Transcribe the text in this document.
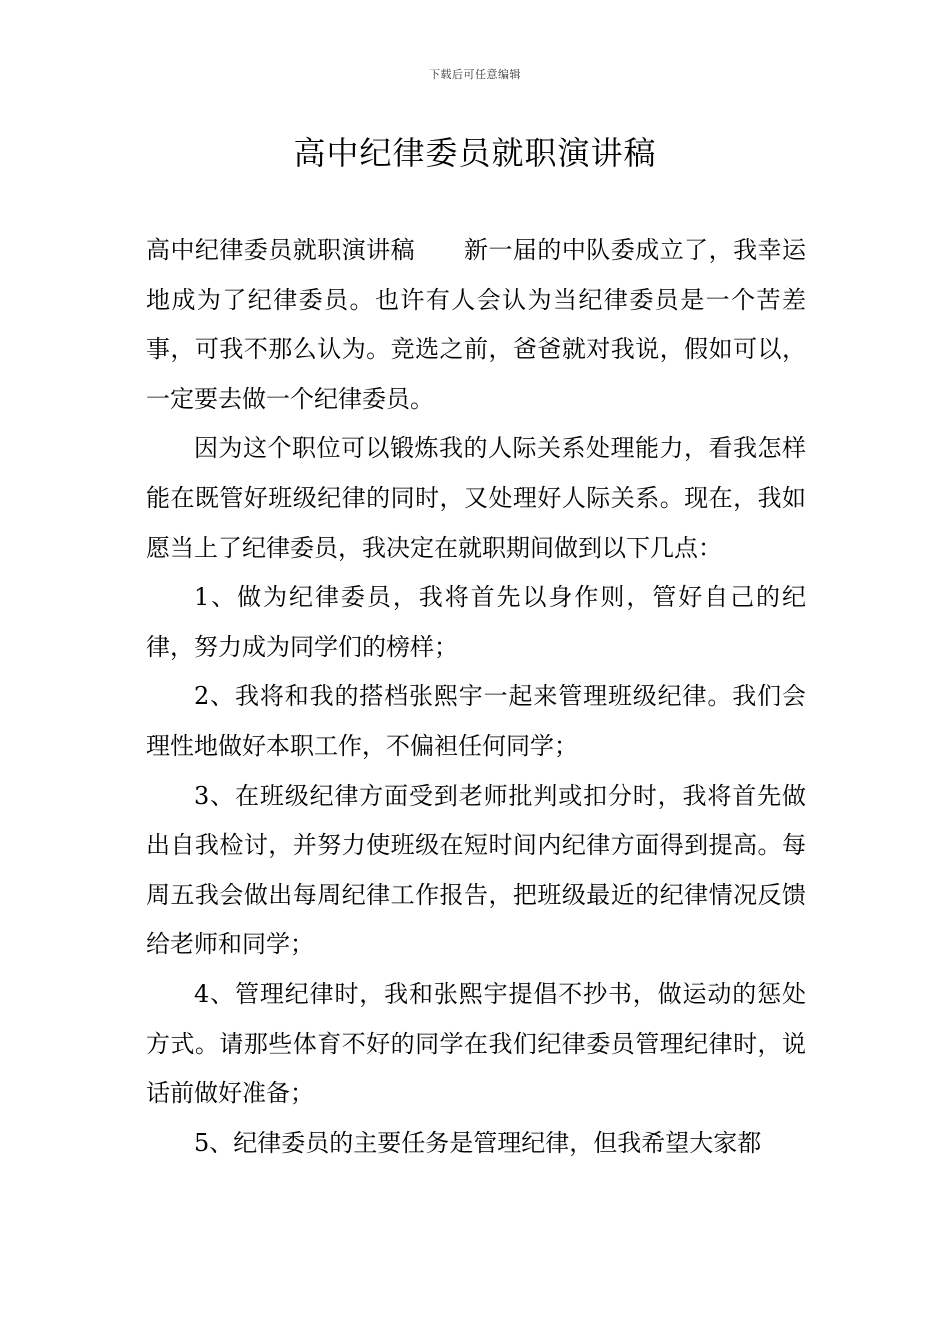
下载后可任意编辑
高中纪律委员就职演讲稿

高中纪律委员就职演讲稿　　新一届的中队委成立了，我幸运地成为了纪律委员。也许有人会认为当纪律委员是一个苦差事，可我不那么认为。竞选之前，爸爸就对我说，假如可以，一定要去做一个纪律委员。

因为这个职位可以锻炼我的人际关系处理能力，看我怎样能在既管好班级纪律的同时，又处理好人际关系。现在，我如愿当上了纪律委员，我决定在就职期间做到以下几点：

1、做为纪律委员，我将首先以身作则，管好自己的纪律，努力成为同学们的榜样；

2、我将和我的搭档张熙宇一起来管理班级纪律。我们会理性地做好本职工作，不偏袒任何同学；

3、在班级纪律方面受到老师批判或扣分时，我将首先做出自我检讨，并努力使班级在短时间内纪律方面得到提高。每周五我会做出每周纪律工作报告，把班级最近的纪律情况反馈给老师和同学；

4、管理纪律时，我和张熙宇提倡不抄书，做运动的惩处方式。请那些体育不好的同学在我们纪律委员管理纪律时，说话前做好准备；

5、纪律委员的主要任务是管理纪律，但我希望大家都
